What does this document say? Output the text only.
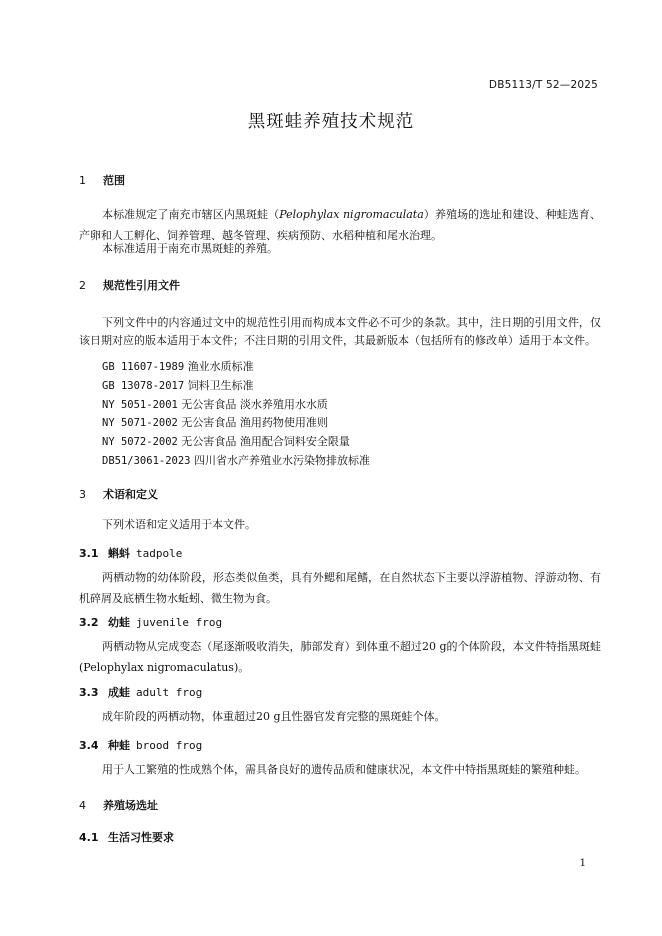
DB5113/T 52—2025
黑斑蛙养殖技术规范
1 范围

本标准规定了南充市辖区内黑斑蛙（Pelophylax nigromaculata）养殖场的选址和建设、种蛙选育、产卵和人工孵化、饲养管理、越冬管理、疾病预防、水稻种植和尾水治理。

本标准适用于南充市黑斑蛙的养殖。

2 规范性引用文件

下列文件中的内容通过文中的规范性引用而构成本文件必不可少的条款。其中，注日期的引用文件，仅该日期对应的版本适用于本文件；不注日期的引用文件，其最新版本（包括所有的修改单）适用于本文件。

GB 11607-1989 渔业水质标准
GB 13078-2017 饲料卫生标准
NY 5051-2001 无公害食品 淡水养殖用水水质
NY 5071-2002 无公害食品 渔用药物使用准则
NY 5072-2002 无公害食品 渔用配合饲料安全限量
DB51/3061-2023 四川省水产养殖业水污染物排放标准
3 术语和定义

下列术语和定义适用于本文件。

3.1 蝌蚪 tadpole

两栖动物的幼体阶段，形态类似鱼类，具有外鳃和尾鳍，在自然状态下主要以浮游植物、浮游动物、有机碎屑及底栖生物水蚯蚓、微生物为食。

3.2 幼蛙 juvenile frog

两栖动物从完成变态（尾逐渐吸收消失，肺部发育）到体重不超过20 g的个体阶段，本文件特指黑斑蛙 (Pelophylax nigromaculatus)。

3.3 成蛙 adult frog

成年阶段的两栖动物，体重超过20 g且性器官发育完整的黑斑蛙个体。

3.4 种蛙 brood frog

用于人工繁殖的性成熟个体，需具备良好的遗传品质和健康状况，本文件中特指黑斑蛙的繁殖种蛙。

4 养殖场选址
4.1 生活习性要求
1
